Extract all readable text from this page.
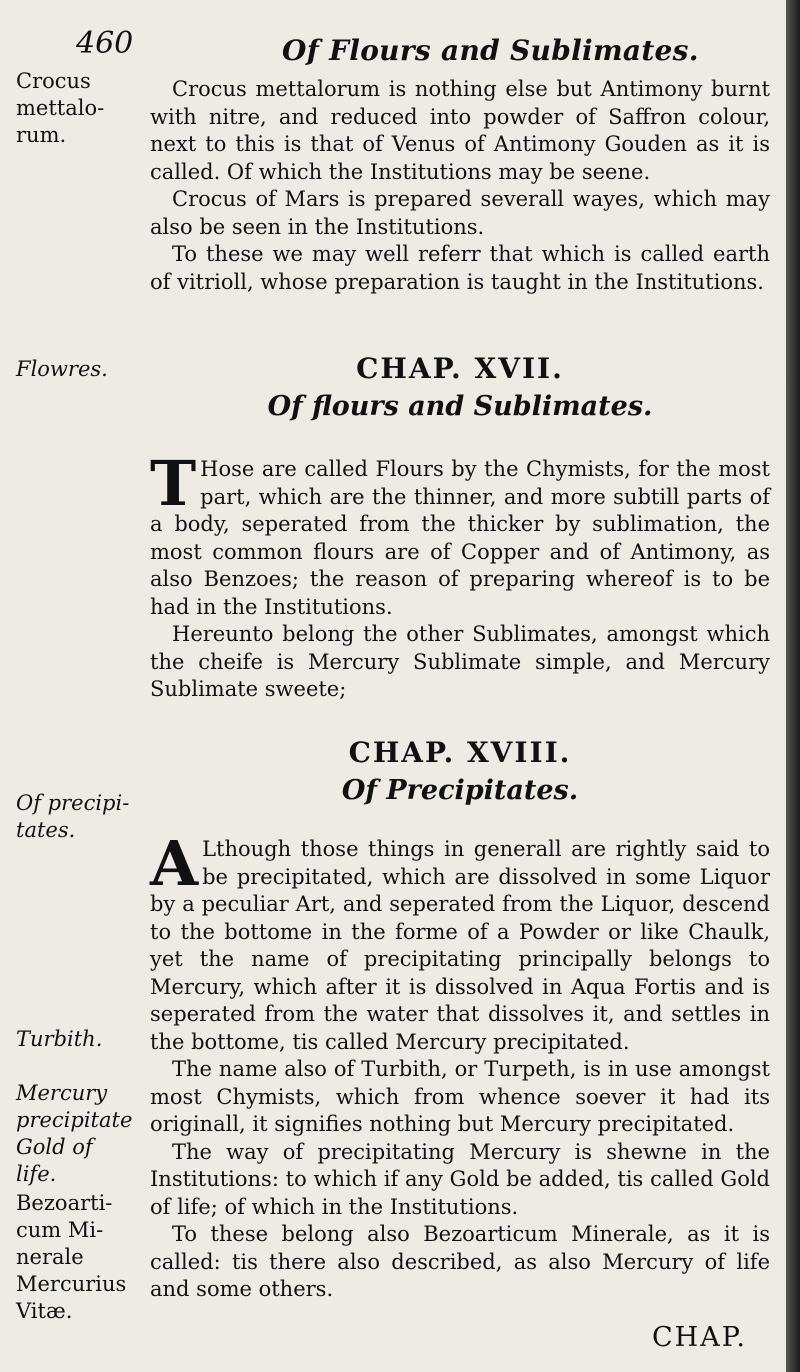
460	Of Flours and Sublimates.
Crocus
mettalo-
rum.
Flowres.
Of precipi-
tates.
Turbith.
Mercury
precipitate
Gold of
life.
Bezoarti-
cum Mi-
nerale
Mercurius
Vitæ.

Crocus mettalorum is nothing else but Antimony burnt with nitre, and reduced into powder of Saffron colour, next to this is that of Venus of Antimony Gouden as it is called. Of which the Institutions may be seene.

Crocus of Mars is prepared severall wayes, which may also be seen in the Institutions.

To these we may well referr that which is called earth of vitrioll, whose preparation is taught in the Institutions.

CHAP. XVII.
Of flours and Sublimates.

T Hose are called Flours by the Chymists, for the most part, which are the thinner, and more subtill parts of a body, seperated from the thicker by sublimation, the most common flours are of Copper and of Antimony, as also Benzoes; the reason of preparing whereof is to be had in the Institutions.

Hereunto belong the other Sublimates, amongst which the cheife is Mercury Sublimate simple, and Mercury Sublimate sweete;

CHAP. XVIII.
Of Precipitates.

A Lthough those things in generall are rightly said to be precipitated, which are dissolved in some Liquor by a peculiar Art, and seperated from the Liquor, descend to the bottome in the forme of a Powder or like Chaulk, yet the name of precipitating principally belongs to Mercury, which after it is dissolved in Aqua Fortis and is seperated from the water that dissolves it, and settles in the bottome, tis called Mercury precipitated.

The name also of Turbith, or Turpeth, is in use amongst most Chymists, which from whence soever it had its originall, it signifies nothing but Mercury precipitated.

The way of precipitating Mercury is shewne in the Institutions: to which if any Gold be added, tis called Gold of life; of which in the Institutions.

To these belong also Bezoarticum Minerale, as it is called: tis there also described, as also Mercury of life and some others.

CHAP.
